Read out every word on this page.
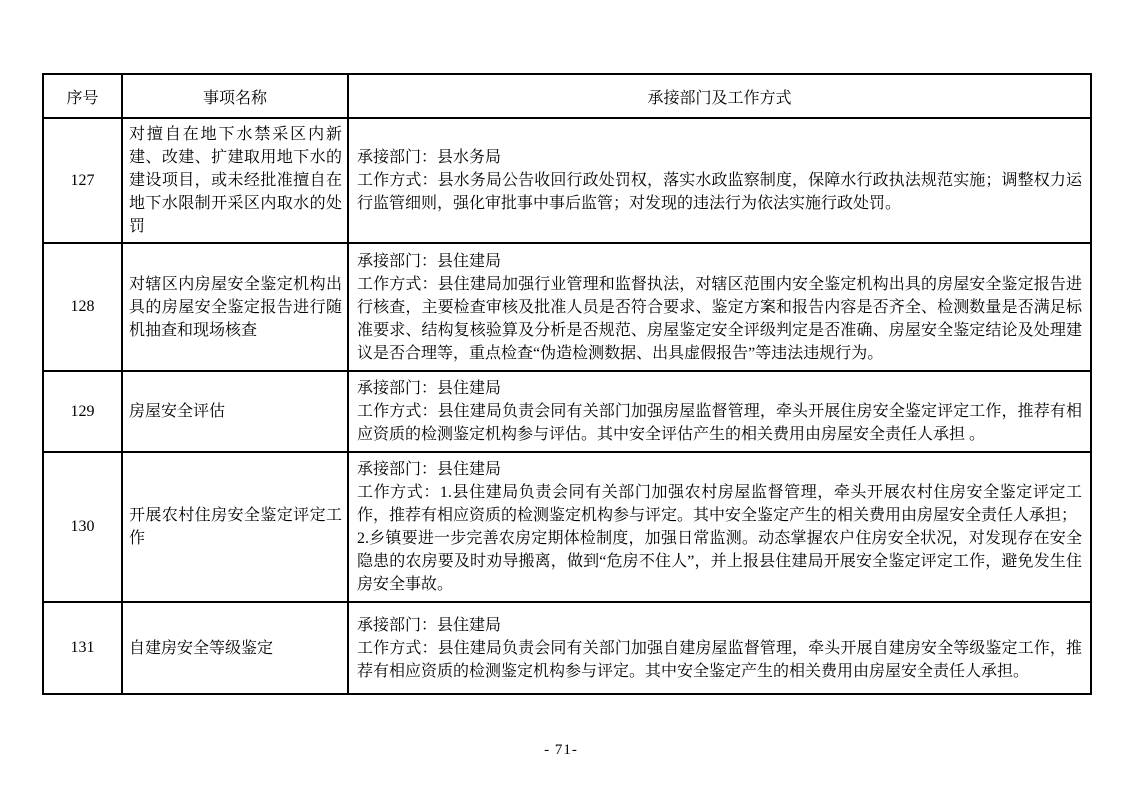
序号	事项名称	承接部门及工作方式
127	对擅自在地下水禁采区内新建、改建、扩建取用地下水的建设项目，或未经批准擅自在地下水限制开采区内取水的处罚	承接部门：县水务局
工作方式：县水务局公告收回行政处罚权，落实水政监察制度，保障水行政执法规范实施；调整权力运行监管细则，强化审批事中事后监管；对发现的违法行为依法实施行政处罚。

128	对辖区内房屋安全鉴定机构出具的房屋安全鉴定报告进行随机抽查和现场核查	承接部门：县住建局
工作方式：县住建局加强行业管理和监督执法，对辖区范围内安全鉴定机构出具的房屋安全鉴定报告进行核查，主要检查审核及批准人员是否符合要求、鉴定方案和报告内容是否齐全、检测数量是否满足标准要求、结构复核验算及分析是否规范、房屋鉴定安全评级判定是否准确、房屋安全鉴定结论及处理建议是否合理等，重点检查“伪造检测数据、出具虚假报告”等违法违规行为。

129	房屋安全评估	承接部门：县住建局
工作方式：县住建局负责会同有关部门加强房屋监督管理，牵头开展住房安全鉴定评定工作，推荐有相应资质的检测鉴定机构参与评估。其中安全评估产生的相关费用由房屋安全责任人承担 。

130	开展农村住房安全鉴定评定工作	承接部门：县住建局
工作方式：1.县住建局负责会同有关部门加强农村房屋监督管理，牵头开展农村住房安全鉴定评定工作，推荐有相应资质的检测鉴定机构参与评定。其中安全鉴定产生的相关费用由房屋安全责任人承担；
2.乡镇要进一步完善农房定期体检制度，加强日常监测。动态掌握农户住房安全状况，对发现存在安全隐患的农房要及时劝导搬离，做到“危房不住人”，并上报县住建局开展安全鉴定评定工作，避免发生住房安全事故。

131	自建房安全等级鉴定	承接部门：县住建局
工作方式：县住建局负责会同有关部门加强自建房屋监督管理，牵头开展自建房安全等级鉴定工作，推荐有相应资质的检测鉴定机构参与评定。其中安全鉴定产生的相关费用由房屋安全责任人承担。
- 71-
